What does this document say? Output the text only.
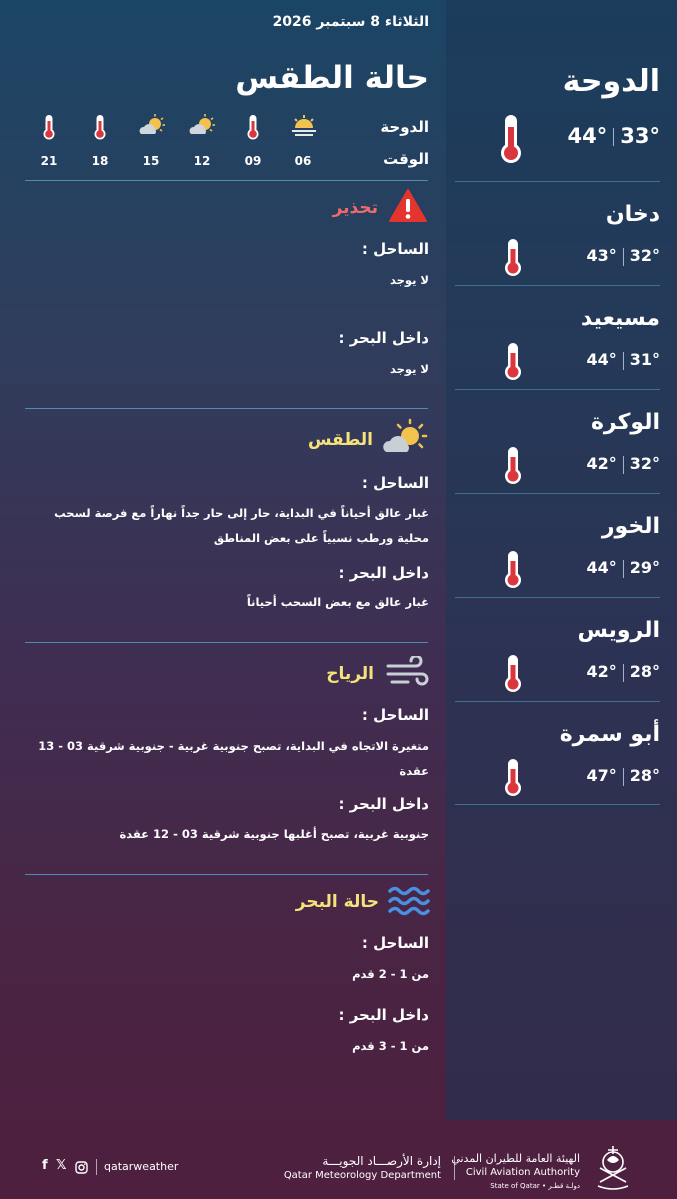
الدوحة
44° 33°
دخان
43° 32°
مسيعيد
44° 31°
الوكرة
42° 32°
الخور
44° 29°
الرويس
42° 28°
أبو سمرة
47° 28°
الثلاثاء 8 سبتمبر 2026
حالة الطقس
الدوحة
الوقت
06
09
12
15
18
21
تحذير
الساحل :
لا يوجد
داخل البحر :
لا يوجد
الطقس
الساحل :
غبار عالق أحياناً في البداية، حار إلى حار جداً نهاراً مع فرصة لسحب محلية ورطب نسبياً على بعض المناطق
داخل البحر :
غبار عالق مع بعض السحب أحياناً
الرياح
الساحل :
متغيرة الاتجاه في البداية، تصبح جنوبية غربية - جنوبية شرقية 03 - 13 عقدة
داخل البحر :
جنوبية غربية، تصبح أغلبها جنوبية شرقية 03 - 12 عقدة
حالة البحر
الساحل :
من 1 - 2 قدم
داخل البحر :
من 1 - 3 قدم
f 𝕏	qatarweather	إدارة الأرصـــاد الجويـــة
Qatar Meteorology Department
الهيئة العامة للطيران المدني
Civil Aviation Authority
State of Qatar • دولـة قطـر
